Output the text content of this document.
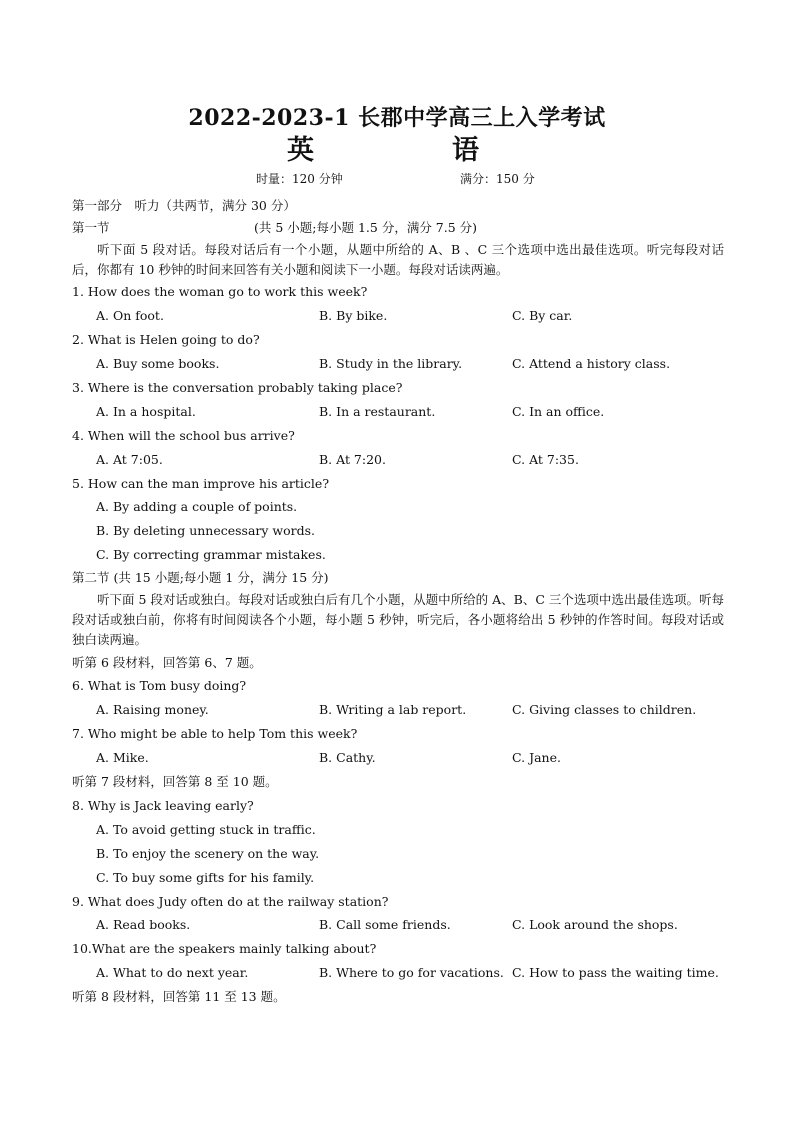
2022-2023-1 长郡中学高三上入学考试
英　　语
时量：120 分钟	满分：150 分
第一部分　听力（共两节，满分 30 分）
第一节	(共 5 小题;每小题 1.5 分，满分 7.5 分)
听下面 5 段对话。每段对话后有一个小题，从题中所给的 A、B 、C 三个选项中选出最佳选项。听完每段对话后，你都有 10 秒钟的时间来回答有关小题和阅读下一小题。每段对话读两遍。
1. How does the woman go to work this week?
A. On foot.	B. By bike.	C. By car.
2. What is Helen going to do?
A. Buy some books.	B. Study in the library.	C. Attend a history class.
3. Where is the conversation probably taking place?
A. In a hospital.	B. In a restaurant.	C. In an office.
4. When will the school bus arrive?
A. At 7:05.	B. At 7:20.	C. At 7:35.
5. How can the man improve his article?
A. By adding a couple of points.
B. By deleting unnecessary words.
C. By correcting grammar mistakes.
第二节 (共 15 小题;每小题 1 分，满分 15 分)
听下面 5 段对话或独白。每段对话或独白后有几个小题，从题中所给的 A、B、C 三个选项中选出最佳选项。听每段对话或独白前，你将有时间阅读各个小题，每小题 5 秒钟，听完后，各小题将给出 5 秒钟的作答时间。每段对话或独白读两遍。
听第 6 段材料，回答第 6、7 题。
6. What is Tom busy doing?
A. Raising money.	B. Writing a lab report.	C. Giving classes to children.
7. Who might be able to help Tom this week?
A. Mike.	B. Cathy.	C. Jane.
听第 7 段材料，回答第 8 至 10 题。
8. Why is Jack leaving early?
A. To avoid getting stuck in traffic.
B. To enjoy the scenery on the way.
C. To buy some gifts for his family.
9. What does Judy often do at the railway station?
A. Read books.	B. Call some friends.	C. Look around the shops.
10.What are the speakers mainly talking about?
A. What to do next year.	B. Where to go for vacations. C. How to pass the waiting time.
听第 8 段材料，回答第 11 至 13 题。
